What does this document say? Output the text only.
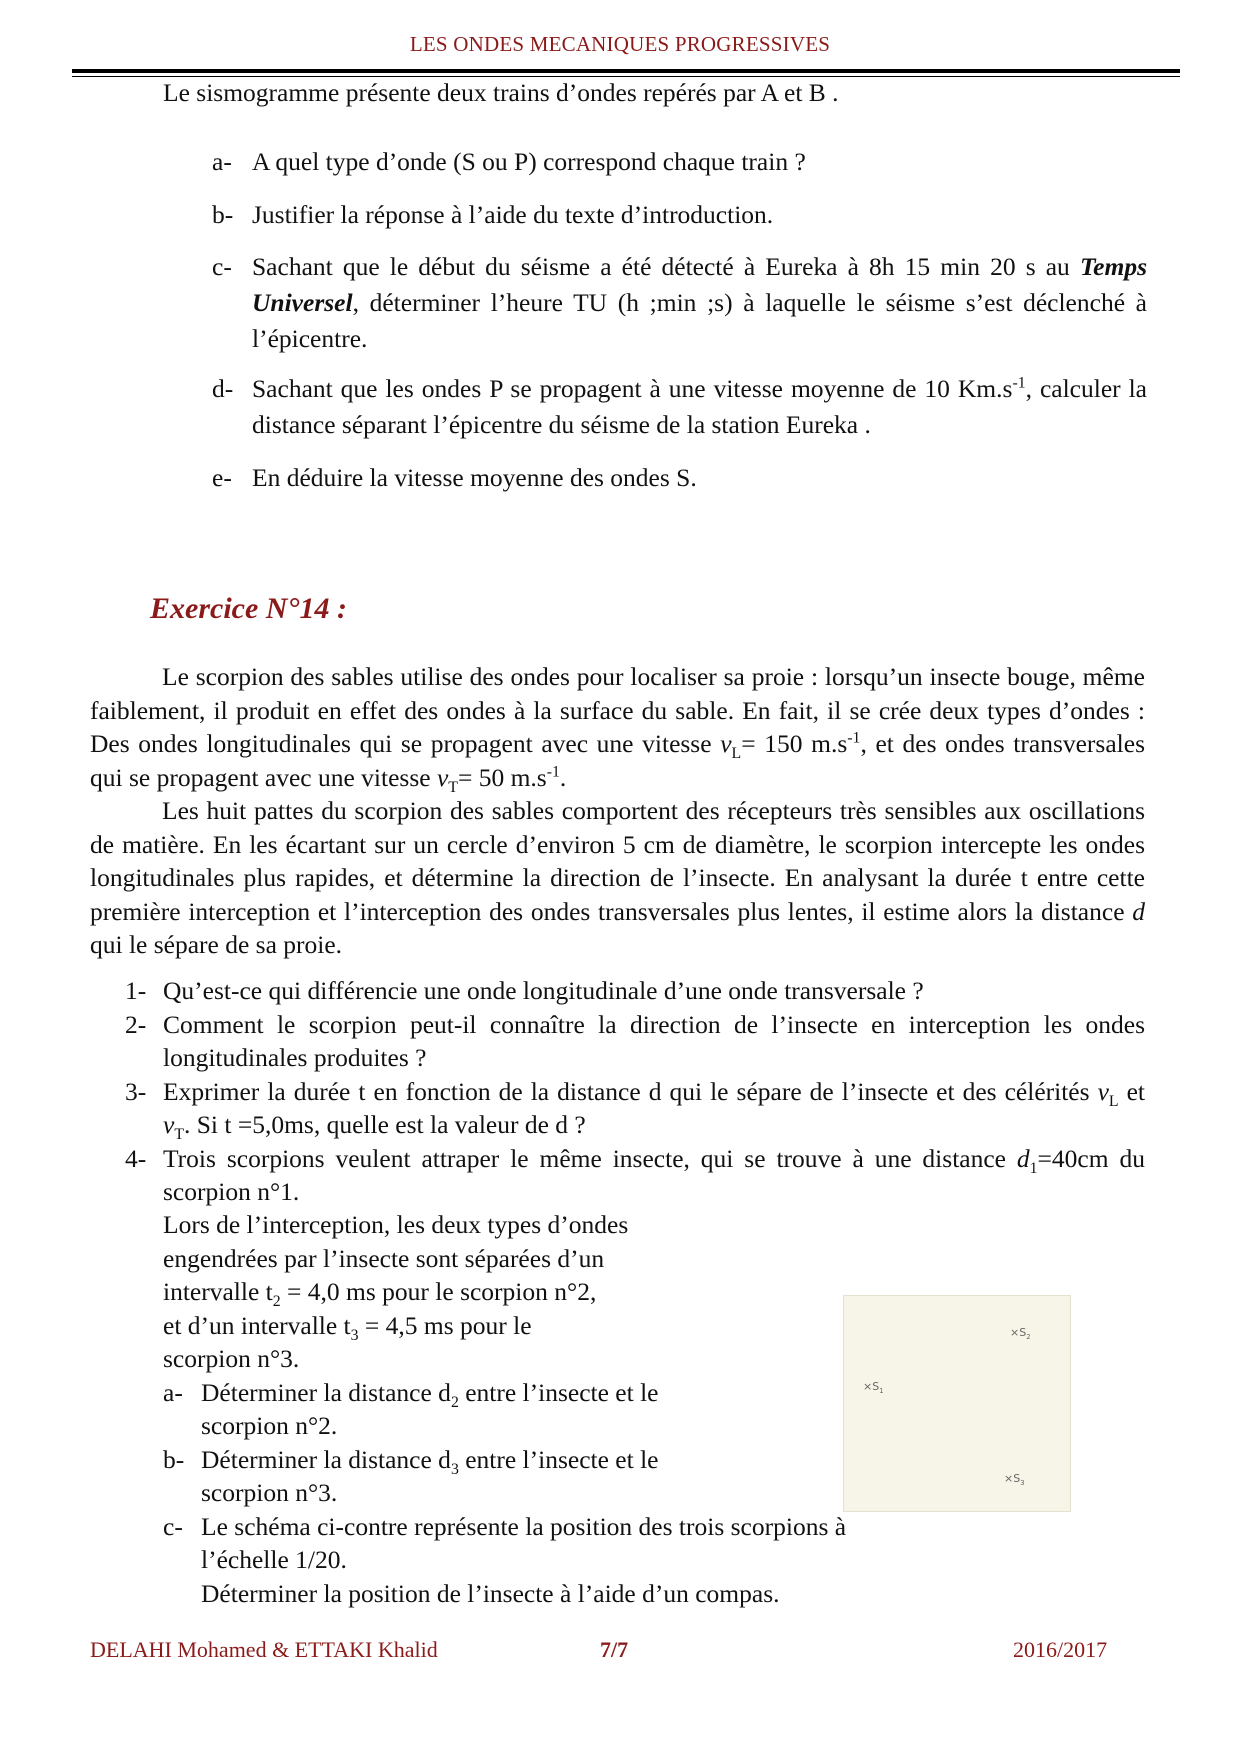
LES ONDES MECANIQUES PROGRESSIVES
Le sismogramme présente deux trains d’ondes repérés par A et B .
a- A quel type d’onde (S ou P) correspond chaque train ?
b- Justifier la réponse à l’aide du texte d’introduction.
c- Sachant que le début du séisme a été détecté à Eureka à 8h 15 min 20 s au Temps Universel, déterminer l’heure TU (h ;min ;s) à laquelle le séisme s’est déclenché à l’épicentre.
d- Sachant que les ondes P se propagent à une vitesse moyenne de 10 $Km.s^{-1}$, calculer la distance séparant l’épicentre du séisme de la station Eureka .
e- En déduire la vitesse moyenne des ondes S.
Exercice N°14 :

Le scorpion des sables utilise des ondes pour localiser sa proie : lorsqu’un insecte bouge, même faiblement, il produit en effet des ondes à la surface du sable. En fait, il se crée deux types d’ondes : Des ondes longitudinales qui se propagent avec une vitesse $v_L= 150$ $m.s^{-1}$, et des ondes transversales qui se propagent avec une vitesse $v_T= 50$ $m.s^{-1}$.

Les huit pattes du scorpion des sables comportent des récepteurs très sensibles aux oscillations de matière. En les écartant sur un cercle d’environ 5 cm de diamètre, le scorpion intercepte les ondes longitudinales plus rapides, et détermine la direction de l’insecte. En analysant la durée t entre cette première interception et l’interception des ondes transversales plus lentes, il estime alors la distance d qui le sépare de sa proie.

1- Qu’est-ce qui différencie une onde longitudinale d’une onde transversale ?
2- Comment le scorpion peut-il connaître la direction de l’insecte en interception les ondes longitudinales produites ?
3- Exprimer la durée t en fonction de la distance d qui le sépare de l’insecte et des célérités $v_L$ et $v_T$. Si t =5,0ms, quelle est la valeur de d ?
4- Trois scorpions veulent attraper le même insecte, qui se trouve à une distance $d_1=40cm$ du scorpion n°1.
Lors de l’interception, les deux types d’ondes
engendrées par l’insecte sont séparées d’un
intervalle $t_2 = 4,0$ ms pour le scorpion n°2,
et d’un intervalle $t_3 = 4,5$ ms pour le
scorpion n°3.
a- Déterminer la distance $d_2$ entre l’insecte et le scorpion n°2.
b- Déterminer la distance $d_3$ entre l’insecte et le scorpion n°3.
c- Le schéma ci-contre représente la position des trois scorpions à l’échelle 1/20.
Déterminer la position de l’insecte à l’aide d’un compas.
$\times S_2$
$\times S_1$
$\times S_3$
DELAHI Mohamed & ETTAKI Khalid	7/7	2016/2017
